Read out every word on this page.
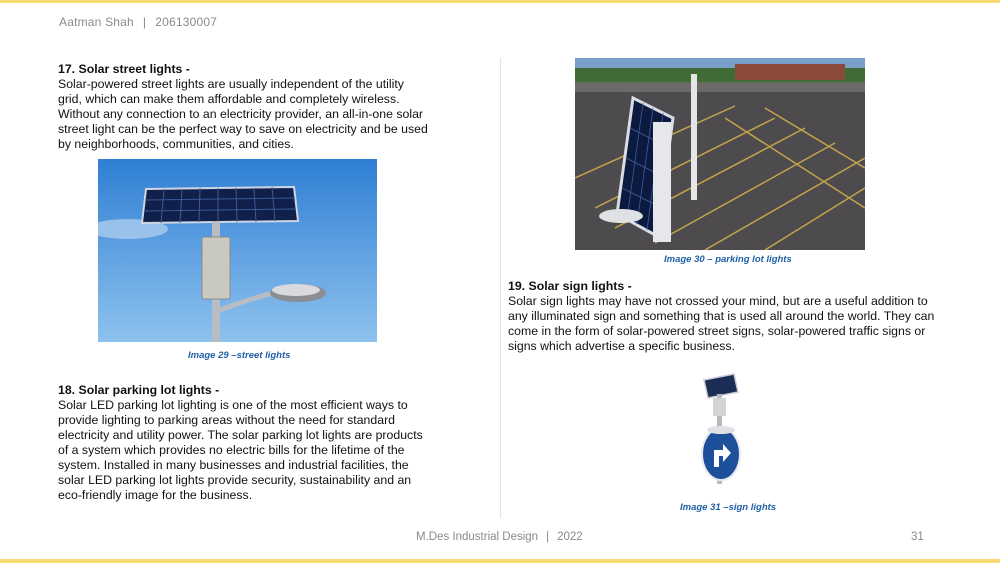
Aatman Shah | 206130007
17. Solar street lights -
Solar-powered street lights are usually independent of the utility grid, which can make them affordable and completely wireless. Without any connection to an electricity provider, an all-in-one solar street light can be the perfect way to save on electricity and be used by neighborhoods, communities, and cities.
Image 29 –street lights
18. Solar parking lot lights -
Solar LED parking lot lighting is one of the most efficient ways to provide lighting to parking areas without the need for standard electricity and utility power. The solar parking lot lights are products of a system which provides no electric bills for the lifetime of the system. Installed in many businesses and industrial facilities, the solar LED parking lot lights provide security, sustainability and an eco-friendly image for the business.
Image 30 – parking lot lights
19. Solar sign lights -
Solar sign lights may have not crossed your mind, but are a useful addition to any illuminated sign and something that is used all around the world. They can come in the form of solar-powered street signs, solar-powered traffic signs or signs which advertise a specific business.
Image 31 –sign lights
M.Des Industrial Design | 2022	31
